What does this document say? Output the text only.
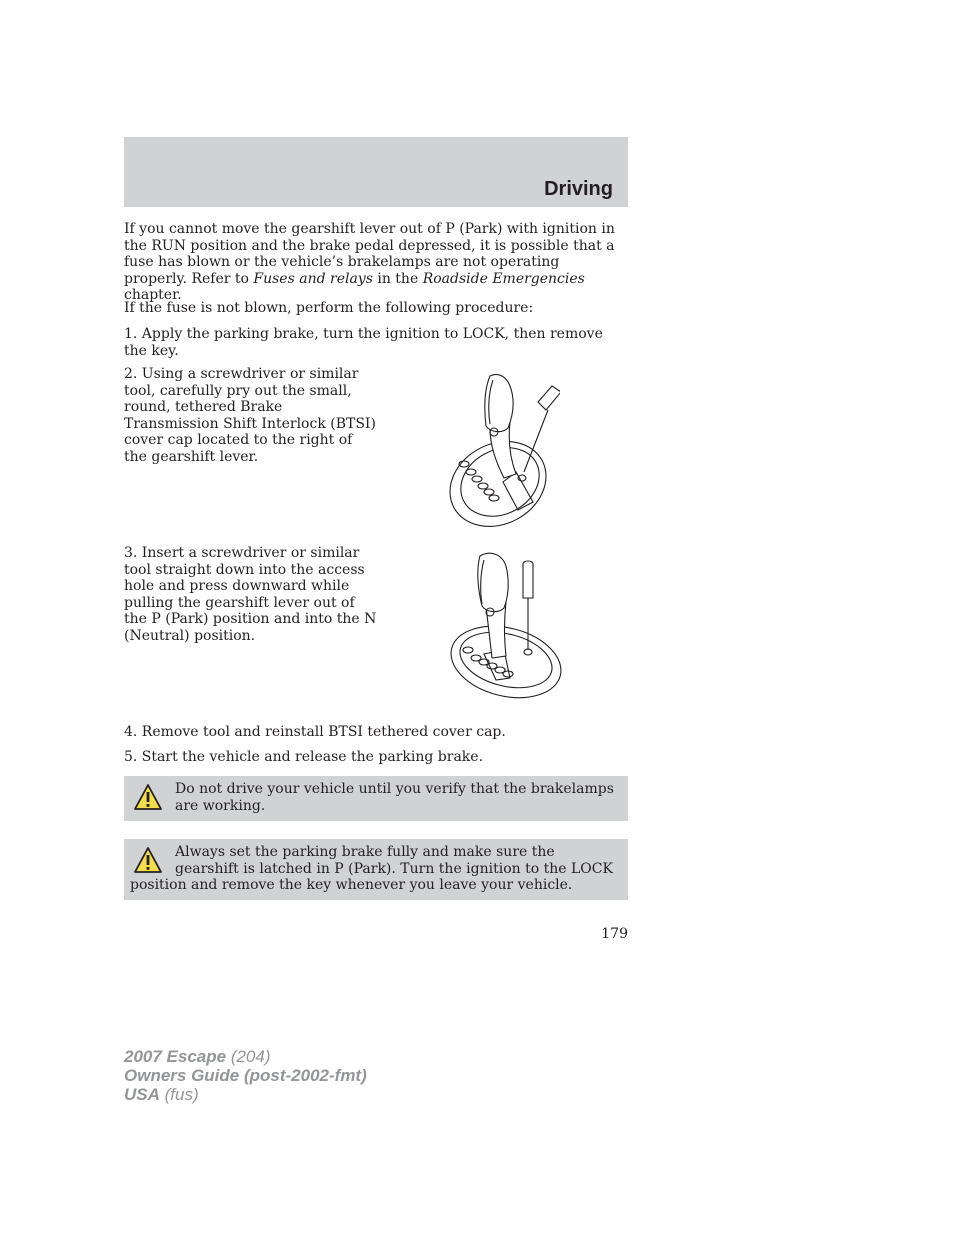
Driving

If you cannot move the gearshift lever out of P (Park) with ignition in the RUN position and the brake pedal depressed, it is possible that a fuse has blown or the vehicle’s brakelamps are not operating properly. Refer to Fuses and relays in the Roadside Emergencies chapter.

If the fuse is not blown, perform the following procedure:

1. Apply the parking brake, turn the ignition to LOCK, then remove the key.

2. Using a screwdriver or similar tool, carefully pry out the small, round, tethered Brake Transmission Shift Interlock (BTSI) cover cap located to the right of the gearshift lever.

3. Insert a screwdriver or similar tool straight down into the access hole and press downward while pulling the gearshift lever out of the P (Park) position and into the N (Neutral) position.

4. Remove tool and reinstall BTSI tethered cover cap.

5. Start the vehicle and release the parking brake.

Do not drive your vehicle until you verify that the brakelamps are working.
Always set the parking brake fully and make sure the gearshift is latched in P (Park). Turn the ignition to the LOCK position and remove the key whenever you leave your vehicle.
179
2007 Escape (204)
Owners Guide (post-2002-fmt)
USA (fus)
